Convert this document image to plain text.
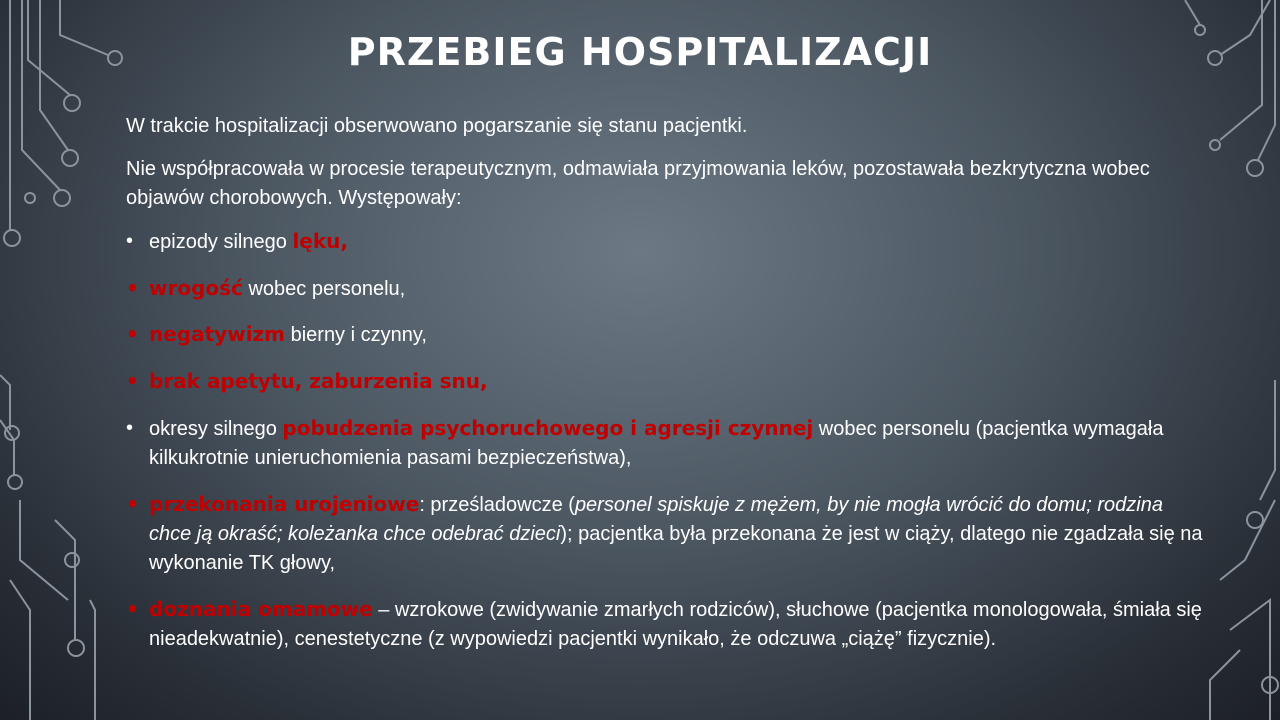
PRZEBIEG HOSPITALIZACJI

W trakcie hospitalizacji obserwowano pogarszanie się stanu pacjentki.

Nie współpracowała w procesie terapeutycznym, odmawiała przyjmowania leków, pozostawała bezkrytyczna wobec objawów chorobowych. Występowały:

• epizody silnego lęku,
• wrogość wobec personelu,
• negatywizm bierny i czynny,
• brak apetytu, zaburzenia snu,
• okresy silnego pobudzenia psychoruchowego i agresji czynnej wobec personelu (pacjentka wymagała kilkukrotnie unieruchomienia pasami bezpieczeństwa),
• przekonania urojeniowe: prześladowcze (personel spiskuje z mężem, by nie mogła wrócić do domu; rodzina chce ją okraść; koleżanka chce odebrać dzieci); pacjentka była przekonana że jest w ciąży, dlatego nie zgadzała się na wykonanie TK głowy,
• doznania omamowe – wzrokowe (zwidywanie zmarłych rodziców), słuchowe (pacjentka monologowała, śmiała się nieadekwatnie), cenestetyczne (z wypowiedzi pacjentki wynikało, że odczuwa „ciążę” fizycznie).
